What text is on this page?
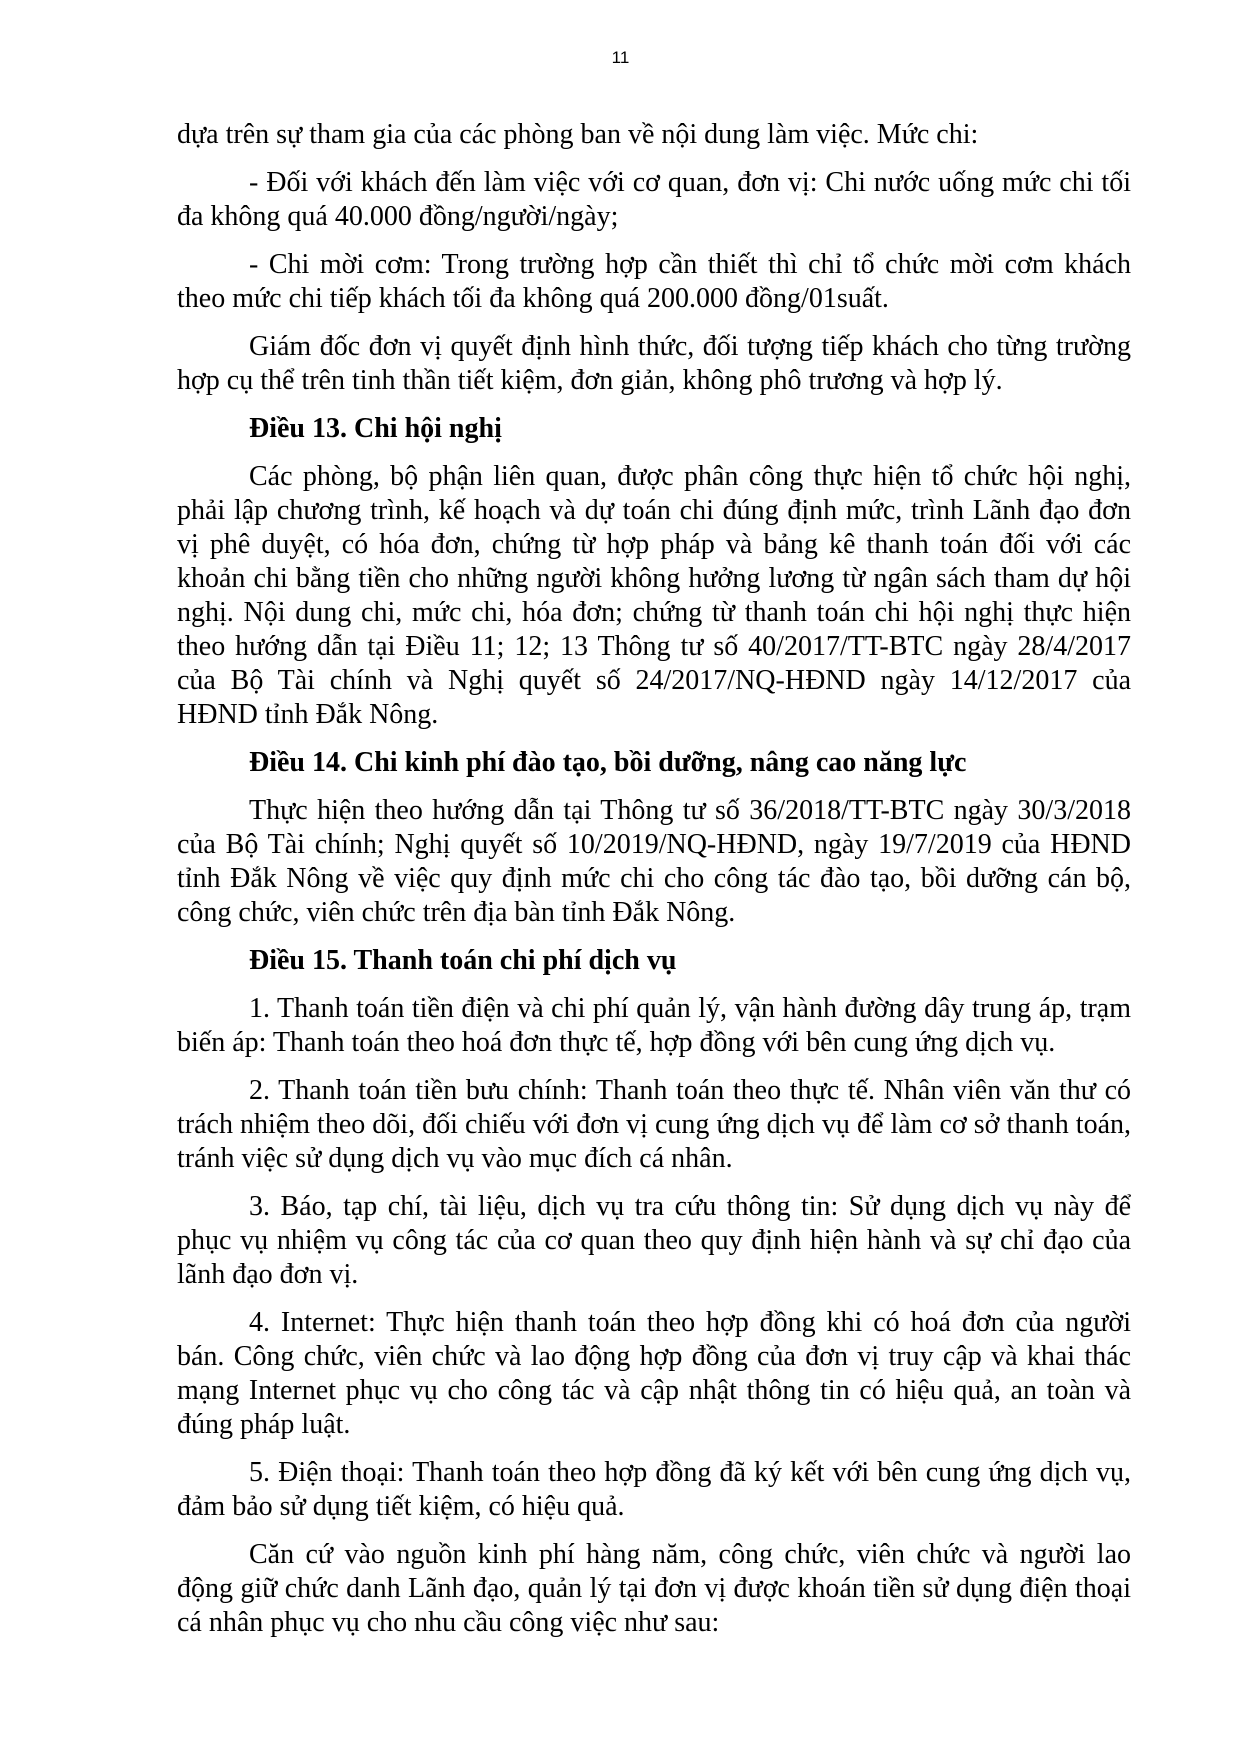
11

dựa trên sự tham gia của các phòng ban về nội dung làm việc. Mức chi:

- Đối với khách đến làm việc với cơ quan, đơn vị: Chi nước uống mức chi tối đa không quá 40.000 đồng/người/ngày;

- Chi mời cơm: Trong trường hợp cần thiết thì chỉ tổ chức mời cơm khách theo mức chi tiếp khách tối đa không quá 200.000 đồng/01suất.

Giám đốc đơn vị quyết định hình thức, đối tượng tiếp khách cho từng trường hợp cụ thể trên tinh thần tiết kiệm, đơn giản, không phô trương và hợp lý.

Điều 13. Chi hội nghị

Các phòng, bộ phận liên quan, được phân công thực hiện tổ chức hội nghị, phải lập chương trình, kế hoạch và dự toán chi đúng định mức, trình Lãnh đạo đơn vị phê duyệt, có hóa đơn, chứng từ hợp pháp và bảng kê thanh toán đối với các khoản chi bằng tiền cho những người không hưởng lương từ ngân sách tham dự hội nghị. Nội dung chi, mức chi, hóa đơn; chứng từ thanh toán chi hội nghị thực hiện theo hướng dẫn tại Điều 11; 12; 13 Thông tư số 40/2017/TT-BTC ngày 28/4/2017 của Bộ Tài chính và Nghị quyết số 24/2017/NQ-HĐND ngày 14/12/2017 của HĐND tỉnh Đắk Nông.

Điều 14. Chi kinh phí đào tạo, bồi dưỡng, nâng cao năng lực

Thực hiện theo hướng dẫn tại Thông tư số 36/2018/TT-BTC ngày 30/3/2018 của Bộ Tài chính; Nghị quyết số 10/2019/NQ-HĐND, ngày 19/7/2019 của HĐND tỉnh Đắk Nông về việc quy định mức chi cho công tác đào tạo, bồi dưỡng cán bộ, công chức, viên chức trên địa bàn tỉnh Đắk Nông.

Điều 15. Thanh toán chi phí dịch vụ

1. Thanh toán tiền điện và chi phí quản lý, vận hành đường dây trung áp, trạm biến áp: Thanh toán theo hoá đơn thực tế, hợp đồng với bên cung ứng dịch vụ.

2. Thanh toán tiền bưu chính: Thanh toán theo thực tế. Nhân viên văn thư có trách nhiệm theo dõi, đối chiếu với đơn vị cung ứng dịch vụ để làm cơ sở thanh toán, tránh việc sử dụng dịch vụ vào mục đích cá nhân.

3. Báo, tạp chí, tài liệu, dịch vụ tra cứu thông tin: Sử dụng dịch vụ này để phục vụ nhiệm vụ công tác của cơ quan theo quy định hiện hành và sự chỉ đạo của lãnh đạo đơn vị.

4. Internet: Thực hiện thanh toán theo hợp đồng khi có hoá đơn của người bán. Công chức, viên chức và lao động hợp đồng của đơn vị truy cập và khai thác mạng Internet phục vụ cho công tác và cập nhật thông tin có hiệu quả, an toàn và đúng pháp luật.

5. Điện thoại: Thanh toán theo hợp đồng đã ký kết với bên cung ứng dịch vụ, đảm bảo sử dụng tiết kiệm, có hiệu quả.

Căn cứ vào nguồn kinh phí hàng năm, công chức, viên chức và người lao động giữ chức danh Lãnh đạo, quản lý tại đơn vị được khoán tiền sử dụng điện thoại cá nhân phục vụ cho nhu cầu công việc như sau:
